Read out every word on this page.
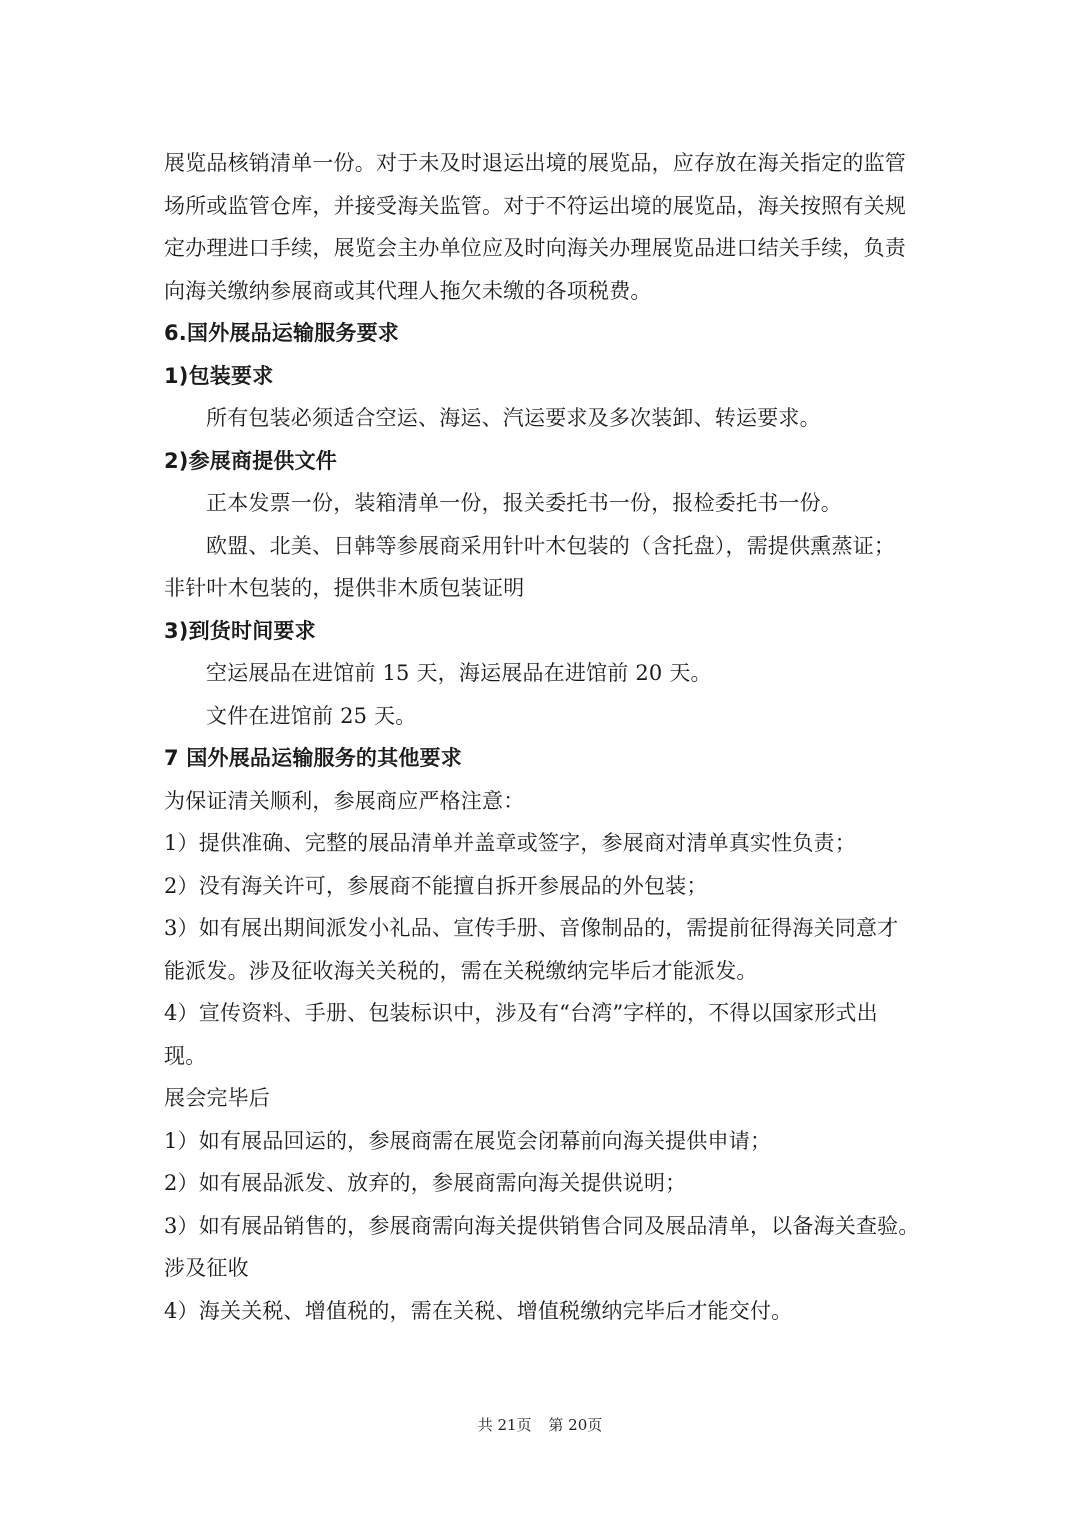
展览品核销清单一份。对于未及时退运出境的展览品，应存放在海关指定的监管
场所或监管仓库，并接受海关监管。对于不符运出境的展览品，海关按照有关规
定办理进口手续，展览会主办单位应及时向海关办理展览品进口结关手续，负责
向海关缴纳参展商或其代理人拖欠未缴的各项税费。
6.国外展品运输服务要求
1)包装要求
所有包装必须适合空运、海运、汽运要求及多次装卸、转运要求。
2)参展商提供文件
正本发票一份，装箱清单一份，报关委托书一份，报检委托书一份。
欧盟、北美、日韩等参展商采用针叶木包装的（含托盘），需提供熏蒸证；
非针叶木包装的，提供非木质包装证明
3)到货时间要求
空运展品在进馆前 15 天，海运展品在进馆前 20 天。
文件在进馆前 25 天。
7 国外展品运输服务的其他要求
为保证清关顺利，参展商应严格注意：
1）提供准确、完整的展品清单并盖章或签字，参展商对清单真实性负责；
2）没有海关许可，参展商不能擅自拆开参展品的外包装；
3）如有展出期间派发小礼品、宣传手册、音像制品的，需提前征得海关同意才
能派发。涉及征收海关关税的，需在关税缴纳完毕后才能派发。
4）宣传资料、手册、包装标识中，涉及有“台湾”字样的，不得以国家形式出
现。
展会完毕后
1）如有展品回运的，参展商需在展览会闭幕前向海关提供申请；
2）如有展品派发、放弃的，参展商需向海关提供说明；
3）如有展品销售的，参展商需向海关提供销售合同及展品清单，以备海关查验。
涉及征收
4）海关关税、增值税的，需在关税、增值税缴纳完毕后才能交付。
共 21页 第 20页
